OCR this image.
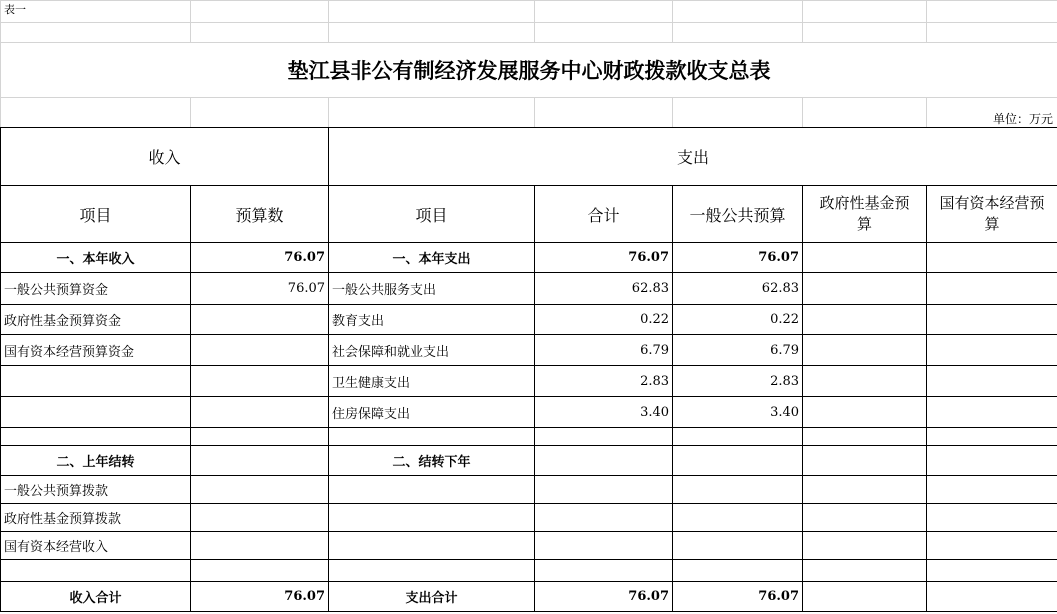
表一						

垫江县非公有制经济发展服务中心财政拨款收支总表						
						单位：万元
收入		支出				
项目	预算数	项目	合计	一般公共预算	政府性基金预算	国有资本经营预算
一、本年收入	76.07	一、本年支出	76.07	76.07		
一般公共预算资金	76.07	一般公共服务支出	62.83	62.83		
政府性基金预算资金		教育支出	0.22	0.22		
国有资本经营预算资金		社会保障和就业支出	6.79	6.79		
		卫生健康支出	2.83	2.83		
		住房保障支出	3.40	3.40		

二、上年结转		二、结转下年				
一般公共预算拨款						
政府性基金预算拨款						
国有资本经营收入						

收入合计	76.07	支出合计	76.07	76.07		
